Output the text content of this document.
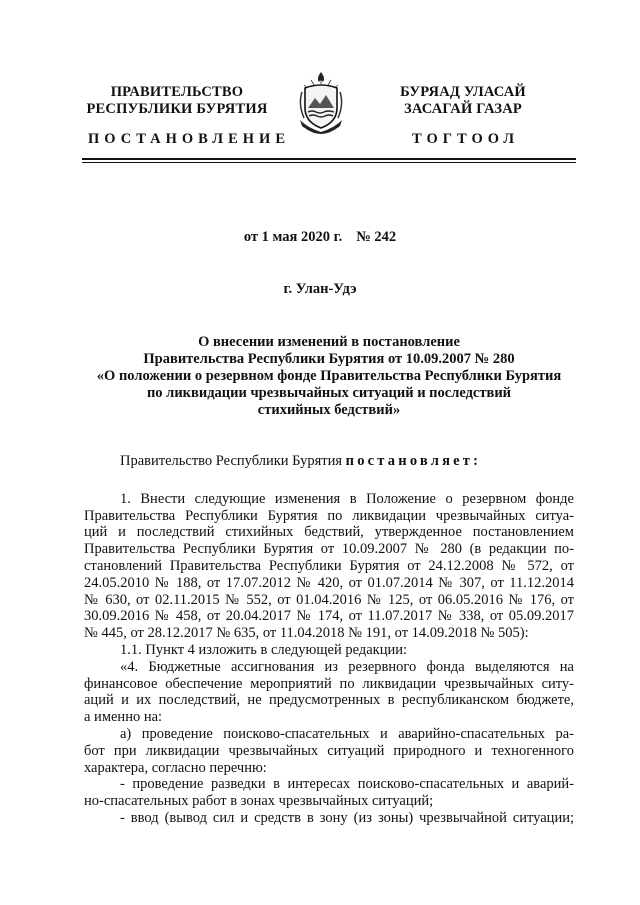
ПРАВИТЕЛЬСТВО
РЕСПУБЛИКИ БУРЯТИЯ
БУРЯАД УЛАСАЙ
ЗАСАГАЙ ГАЗАР
ПОСТАНОВЛЕНИЕ	ТОГТООЛ
от 1 мая 2020 г. № 242
г. Улан-Удэ
О внесении изменений в постановление
Правительства Республики Бурятия от 10.09.2007 № 280
«О положении о резервном фонде Правительства Республики Бурятия
по ликвидации чрезвычайных ситуаций и последствий
стихийных бедствий»
Правительство Республики Бурятия постановляет:
1. Внести следующие изменения в Положение о резервном фонде
Правительства Республики Бурятия по ликвидации чрезвычайных ситуа-
ций и последствий стихийных бедствий, утвержденное постановлением
Правительства Республики Бурятия от 10.09.2007 № 280 (в редакции по-
становлений Правительства Республики Бурятия от 24.12.2008 № 572, от
24.05.2010 № 188, от 17.07.2012 № 420, от 01.07.2014 № 307, от 11.12.2014
№ 630, от 02.11.2015 № 552, от 01.04.2016 № 125, от 06.05.2016 № 176, от
30.09.2016 № 458, от 20.04.2017 № 174, от 11.07.2017 № 338, от 05.09.2017
№ 445, от 28.12.2017 № 635, от 11.04.2018 № 191, от 14.09.2018 № 505):
1.1. Пункт 4 изложить в следующей редакции:
«4. Бюджетные ассигнования из резервного фонда выделяются на
финансовое обеспечение мероприятий по ликвидации чрезвычайных ситу-
аций и их последствий, не предусмотренных в республиканском бюджете,
а именно на:
а) проведение поисково-спасательных и аварийно-спасательных ра-
бот при ликвидации чрезвычайных ситуаций природного и техногенного
характера, согласно перечню:
- проведение разведки в интересах поисково-спасательных и аварий-
но-спасательных работ в зонах чрезвычайных ситуаций;
- ввод (вывод сил и средств в зону (из зоны) чрезвычайной ситуации;
